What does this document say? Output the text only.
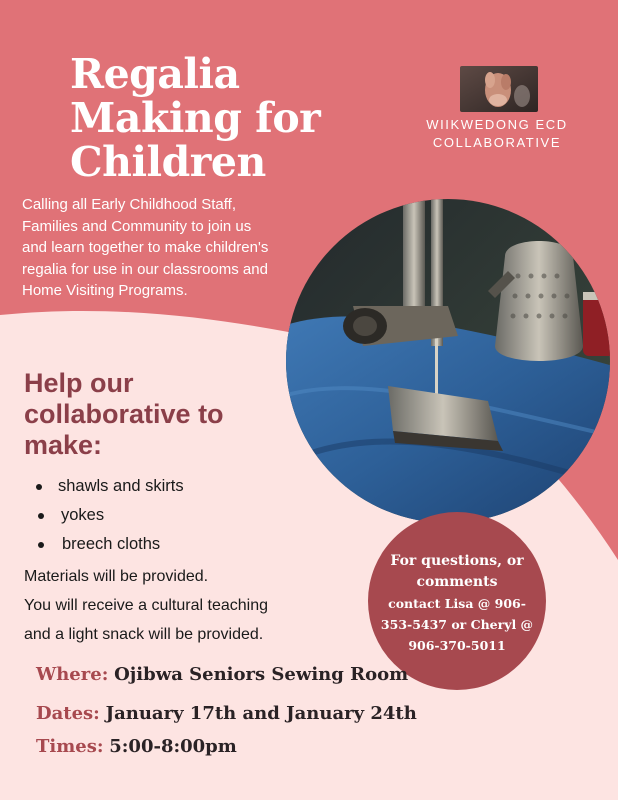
Regalia
Making for
Children
WIIKWEDONG ECD
COLLABORATIVE

Calling all Early Childhood Staff,
Families and Community to join us
and learn together to make children's
regalia for use in our classrooms and
Home Visiting Programs.

Help our
collaborative to
make:
shawls and skirts
yokes
breech cloths

Materials will be provided.
You will receive a cultural teaching
and a light snack will be provided.

For questions, or
comments
contact Lisa @ 906-
353-5437 or Cheryl @
906-370-5011
Where: Ojibwa Seniors Sewing Room
Dates: January 17th and January 24th
Times: 5:00-8:00pm
